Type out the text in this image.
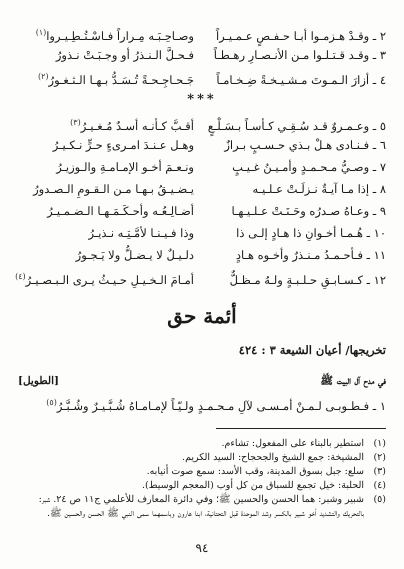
٢ ـ وقـدْ هـزمـوا أبـا حـفـصٍ عـمـيـراً
وصـاحِـبَـه مِـراراً فـاسْـتُـطِـيـروا$^{(١)}$
٣ ـ وقـد قـتـلـوا مـن الأنـصـارِ رهـطـاً
فـحـلَّ الـنـذرُ أو وجـبَـتْ نـذورُ
٤ ـ أزارَ الـمـوتَ مـشـيـخـةً ضِـخـامـاً
جَـحـاجِـحـةً تُـسَـدُّ بـهـا الـثـغـورُ$^{(٢)}$
***
٥ ـ وعـمـروٌ قـد سُـقِـي كـأسـاً بـسَـلْـعٍ
أقـبَّ كـأنـه أسـدٌ مُـغـيـرُ$^{(٣)}$
٦ ـ فـنـادى هـلْ بـذي حـسـبٍ بـرازٌ
وهـل عـنـدَ امـرىءٍ حـرٍّ نـكـيـرُ
٧ ـ وصـيُّ مـحـمـدٍ وأمـيـنُ غـيـبٍ
ونـعـمَ أخـو الإمـامـةِ والـوزيـرُ
٨ ـ إذا مـا آيـةٌ نـزلَـتْ عـلـيـه
يـضـيـقُ بـهـا مـن الـقـومِ الـصـدورُ
٩ ـ وعـاهُ صـدرُه وحَـنَـتْ عـلـيـهـا
أضـالِـعُـه وأحـكَـمَـهـا الـضـمـيـرُ
١٠ ـ هُـمـا أخـوانِ ذا هـادٍ إلـى ذا
وذا فـيـنـا لأمَّـتِـه نـذيـرُ
١١ ـ فـأحـمـدُ مـنـذرٌ وأخـوه هـادٍ
دلـيـلٌ لا يـضـلُّ ولا يَـجـورُ
١٢ ـ كـسـابـقِ حـلـبـةٍ ولـهُ مـظـلٌّ
أمـامَ الـخـيـلِ حـيـثُ يـرى الـبـصـيـرُ$^{(٤)}$
أئمة حق
تخريجها/ أعيان الشيعة ٣ : ٤٢٤
في مدح آل البيت ﷺ
[الطويل]
١ ـ فـطـوبـى لـمـنْ أمـسـى لآلِ مـحـمـدٍ
ولـيّـاً لإمـامـاهُ شُـبَّـيـرٌ وشُـبَّـرُ$^{(٥)}$
(١)
استطير بالبناء على المفعول: تشاءم.
(٢)
المشيخة: جمع الشيخ والجحجاح: السيد الكريم.
(٣)
سلع: جبل بسوق المدينة، وقب الأسد: سمع صوت أنيابه.
(٤)
الحلبة: خيل تجمع للسباق من كل أوب (المعجم الوسيط).
(٥)
شبير وشبر: هما الحسن والحسين ﷺ؛ وفي دائرة المعارف للأعلمي ج١١ ص ٢٤. شبر: بالتحريك والتشديد أخو شبير بالكسر وشد الموحدة قبل التحتانية، ابنا هارون وباسمهما سمى النبي ﷺ الحسن والحسين ﷺ.
٩٤
